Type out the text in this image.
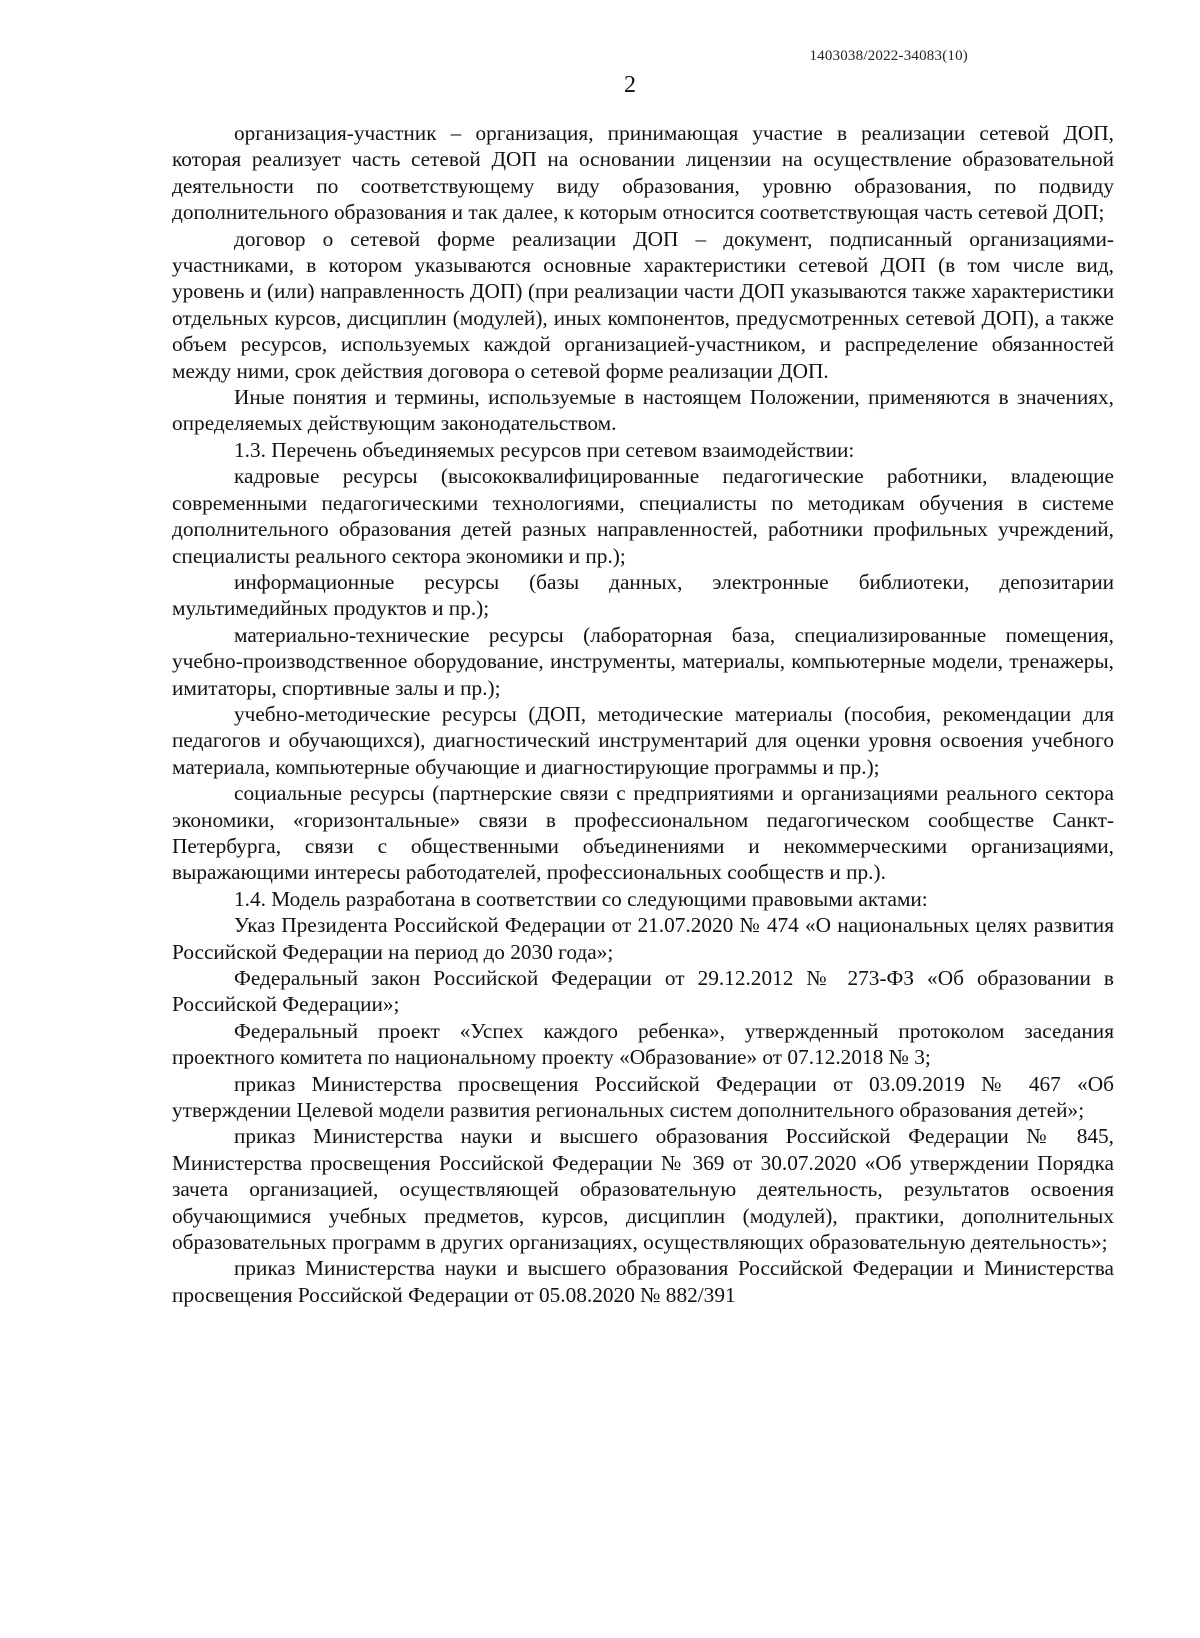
1403038/2022-34083(10)
2

организация-участник – организация, принимающая участие в реализации сетевой ДОП, которая реализует часть сетевой ДОП на основании лицензии на осуществление образовательной деятельности по соответствующему виду образования, уровню образования, по подвиду дополнительного образования и так далее, к которым относится соответствующая часть сетевой ДОП;

договор о сетевой форме реализации ДОП – документ, подписанный организациями-участниками, в котором указываются основные характеристики сетевой ДОП (в том числе вид, уровень и (или) направленность ДОП) (при реализации части ДОП указываются также характеристики отдельных курсов, дисциплин (модулей), иных компонентов, предусмотренных сетевой ДОП), а также объем ресурсов, используемых каждой организацией-участником, и распределение обязанностей между ними, срок действия договора о сетевой форме реализации ДОП.

Иные понятия и термины, используемые в настоящем Положении, применяются в значениях, определяемых действующим законодательством.

1.3. Перечень объединяемых ресурсов при сетевом взаимодействии:

кадровые ресурсы (высококвалифицированные педагогические работники, владеющие современными педагогическими технологиями, специалисты по методикам обучения в системе дополнительного образования детей разных направленностей, работники профильных учреждений, специалисты реального сектора экономики и пр.);

информационные ресурсы (базы данных, электронные библиотеки, депозитарии мультимедийных продуктов и пр.);

материально-технические ресурсы (лабораторная база, специализированные помещения, учебно-производственное оборудование, инструменты, материалы, компьютерные модели, тренажеры, имитаторы, спортивные залы и пр.);

учебно-методические ресурсы (ДОП, методические материалы (пособия, рекомендации для педагогов и обучающихся), диагностический инструментарий для оценки уровня освоения учебного материала, компьютерные обучающие и диагностирующие программы и пр.);

социальные ресурсы (партнерские связи с предприятиями и организациями реального сектора экономики, «горизонтальные» связи в профессиональном педагогическом сообществе Санкт-Петербурга, связи с общественными объединениями и некоммерческими организациями, выражающими интересы работодателей, профессиональных сообществ и пр.).

1.4. Модель разработана в соответствии со следующими правовыми актами:

Указ Президента Российской Федерации от 21.07.2020 № 474 «О национальных целях развития Российской Федерации на период до 2030 года»;

Федеральный закон Российской Федерации от 29.12.2012 № 273-ФЗ «Об образовании в Российской Федерации»;

Федеральный проект «Успех каждого ребенка», утвержденный протоколом заседания проектного комитета по национальному проекту «Образование» от 07.12.2018 № 3;

приказ Министерства просвещения Российской Федерации от 03.09.2019 № 467 «Об утверждении Целевой модели развития региональных систем дополнительного образования детей»;

приказ Министерства науки и высшего образования Российской Федерации № 845, Министерства просвещения Российской Федерации № 369 от 30.07.2020 «Об утверждении Порядка зачета организацией, осуществляющей образовательную деятельность, результатов освоения обучающимися учебных предметов, курсов, дисциплин (модулей), практики, дополнительных образовательных программ в других организациях, осуществляющих образовательную деятельность»;

приказ Министерства науки и высшего образования Российской Федерации и Министерства просвещения Российской Федерации от 05.08.2020 № 882/391
